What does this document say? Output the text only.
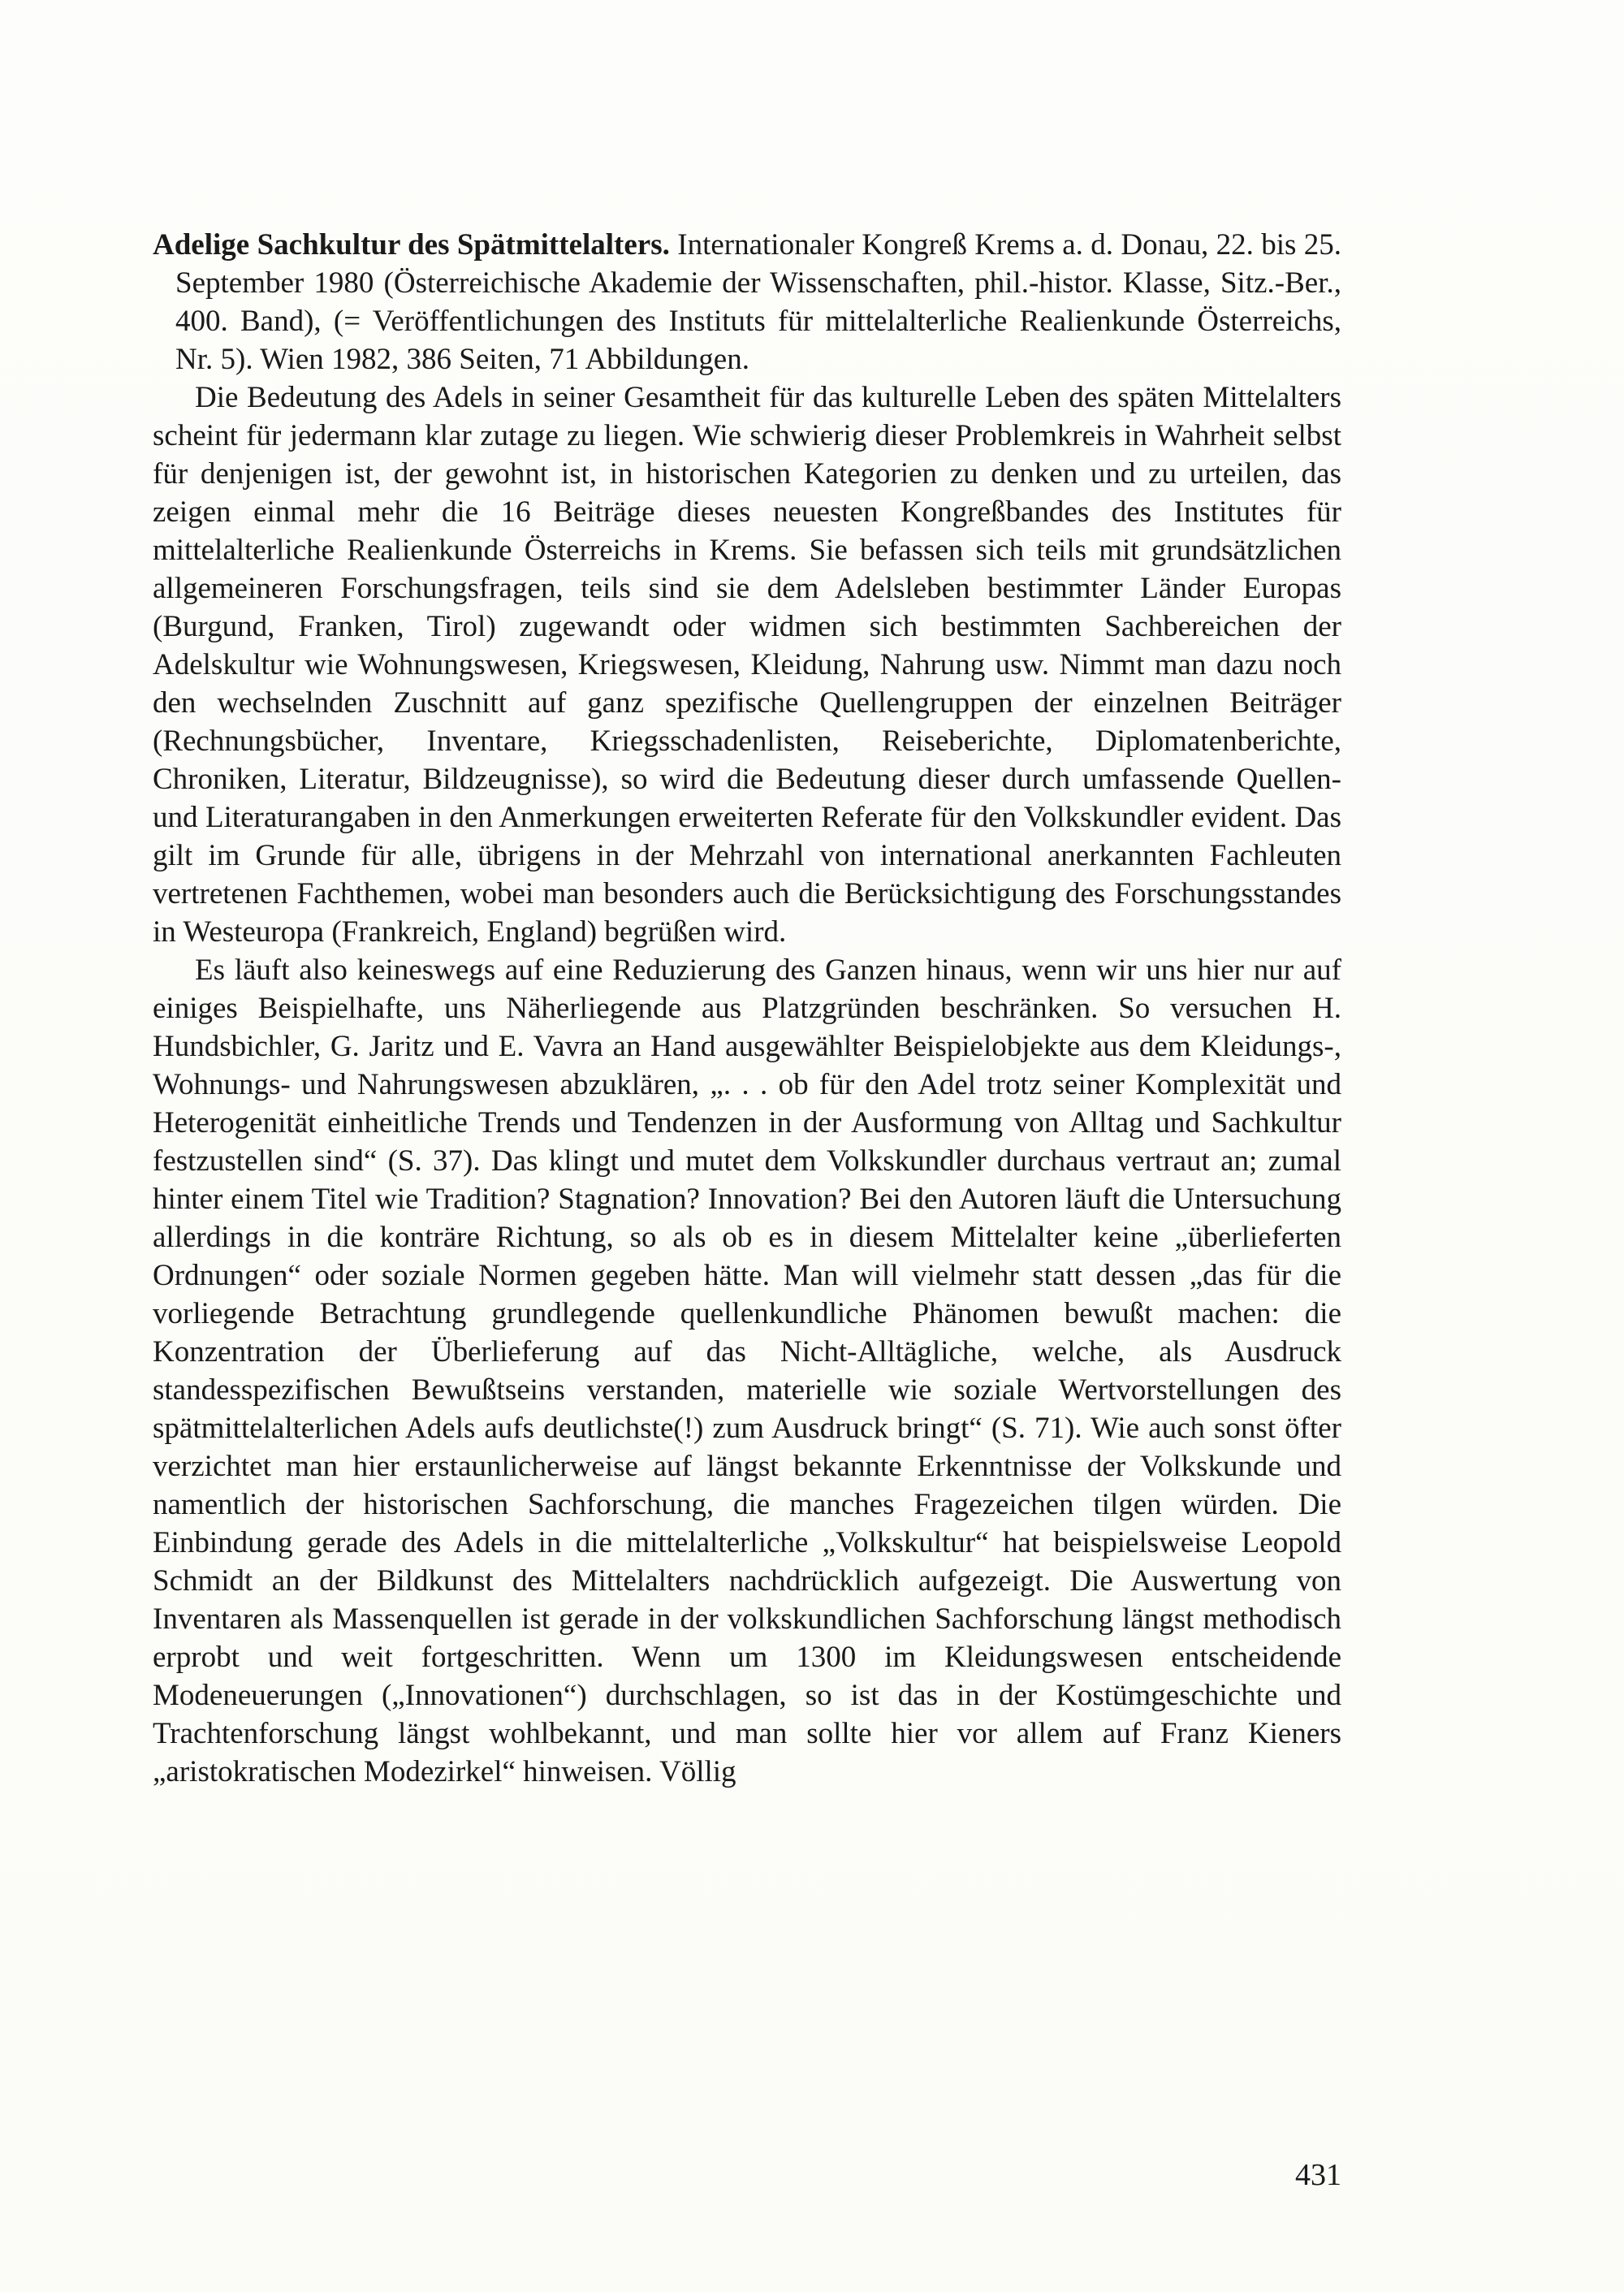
Adelige Sachkultur des Spätmittelalters. Internationaler Kongreß Krems a. d. Donau, 22. bis 25. September 1980 (Österreichische Akademie der Wissenschaften, phil.-histor. Klasse, Sitz.-Ber., 400. Band), (= Veröffentlichungen des Instituts für mittelalterliche Realienkunde Österreichs, Nr. 5). Wien 1982, 386 Seiten, 71 Abbildungen.

Die Bedeutung des Adels in seiner Gesamtheit für das kulturelle Leben des späten Mittelalters scheint für jedermann klar zutage zu liegen. Wie schwierig dieser Problemkreis in Wahrheit selbst für denjenigen ist, der gewohnt ist, in historischen Kategorien zu denken und zu urteilen, das zeigen einmal mehr die 16 Beiträge dieses neuesten Kongreßbandes des Institutes für mittelalterliche Realienkunde Österreichs in Krems. Sie befassen sich teils mit grundsätzlichen allgemeineren Forschungsfragen, teils sind sie dem Adelsleben bestimmter Länder Europas (Burgund, Franken, Tirol) zugewandt oder widmen sich bestimmten Sachbereichen der Adelskultur wie Wohnungswesen, Kriegswesen, Kleidung, Nahrung usw. Nimmt man dazu noch den wechselnden Zuschnitt auf ganz spezifische Quellengruppen der einzelnen Beiträger (Rechnungsbücher, Inventare, Kriegsschadenlisten, Reiseberichte, Diplomatenberichte, Chroniken, Literatur, Bildzeugnisse), so wird die Bedeutung dieser durch umfassende Quellen- und Literaturangaben in den Anmerkungen erweiterten Referate für den Volkskundler evident. Das gilt im Grunde für alle, übrigens in der Mehrzahl von international anerkannten Fachleuten vertretenen Fachthemen, wobei man besonders auch die Berücksichtigung des Forschungsstandes in Westeuropa (Frankreich, England) begrüßen wird.

Es läuft also keineswegs auf eine Reduzierung des Ganzen hinaus, wenn wir uns hier nur auf einiges Beispielhafte, uns Näherliegende aus Platzgründen beschränken. So versuchen H. Hundsbichler, G. Jaritz und E. Vavra an Hand ausgewählter Beispielobjekte aus dem Kleidungs-, Wohnungs- und Nahrungswesen abzuklären, „. . . ob für den Adel trotz seiner Komplexität und Heterogenität einheitliche Trends und Tendenzen in der Ausformung von Alltag und Sachkultur festzustellen sind“ (S. 37). Das klingt und mutet dem Volkskundler durchaus vertraut an; zumal hinter einem Titel wie Tradition? Stagnation? Innovation? Bei den Autoren läuft die Untersuchung allerdings in die konträre Richtung, so als ob es in diesem Mittelalter keine „überlieferten Ordnungen“ oder soziale Normen gegeben hätte. Man will vielmehr statt dessen „das für die vorliegende Betrachtung grundlegende quellenkundliche Phänomen bewußt machen: die Konzentration der Überlieferung auf das Nicht-Alltägliche, welche, als Ausdruck standesspezifischen Bewußtseins verstanden, materielle wie soziale Wertvorstellungen des spätmittelalterlichen Adels aufs deutlichste(!) zum Ausdruck bringt“ (S. 71). Wie auch sonst öfter verzichtet man hier erstaunlicherweise auf längst bekannte Erkenntnisse der Volkskunde und namentlich der historischen Sachforschung, die manches Fragezeichen tilgen würden. Die Einbindung gerade des Adels in die mittelalterliche „Volkskultur“ hat beispielsweise Leopold Schmidt an der Bildkunst des Mittelalters nachdrücklich aufgezeigt. Die Auswertung von Inventaren als Massenquellen ist gerade in der volkskundlichen Sachforschung längst methodisch erprobt und weit fortgeschritten. Wenn um 1300 im Kleidungswesen entscheidende Modeneuerungen („Innovationen“) durchschlagen, so ist das in der Kostümgeschichte und Trachtenforschung längst wohlbekannt, und man sollte hier vor allem auf Franz Kieners „aristokratischen Modezirkel“ hinweisen. Völlig

431
